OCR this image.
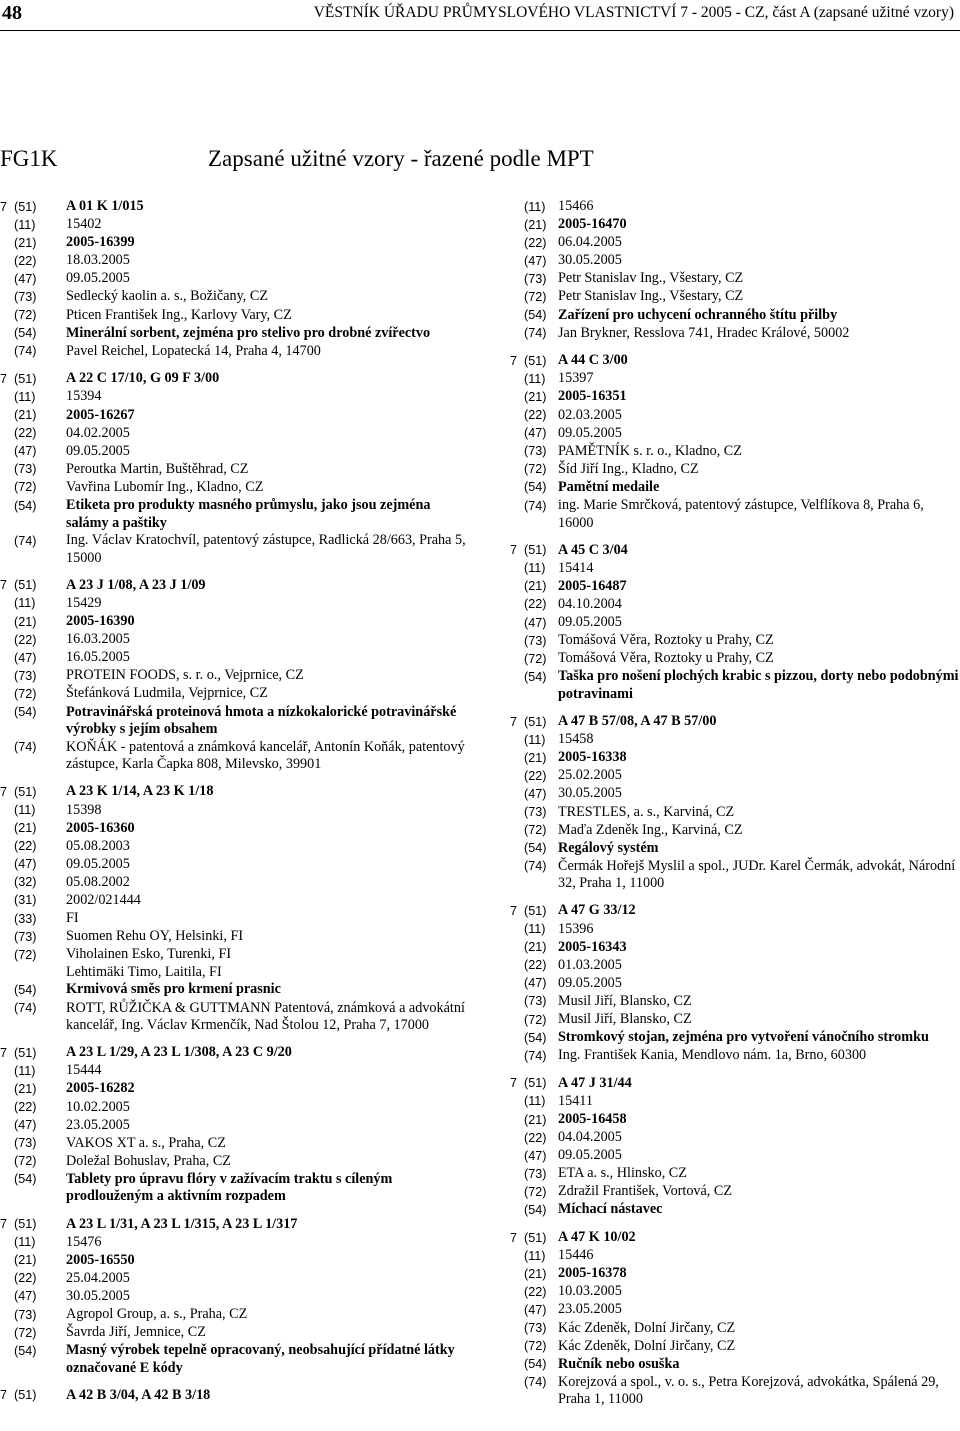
48	VĚSTNÍK ÚŘADU PRŮMYSLOVÉHO VLASTNICTVÍ 7 - 2005 - CZ, část A (zapsané užitné vzory)
FG1K	Zapsané užitné vzory - řazené podle MPT
7 (51)	A 01 K 1/015
(11)	15402
(21)	2005-16399
(22)	18.03.2005
(47)	09.05.2005
(73)	Sedlecký kaolin a. s., Božičany, CZ
(72)	Pticen František Ing., Karlovy Vary, CZ
(54)	Minerální sorbent, zejména pro stelivo pro drobné zvířectvo
(74)	Pavel Reichel, Lopatecká 14, Praha 4, 14700
7 (51)	A 22 C 17/10, G 09 F 3/00
(11)	15394
(21)	2005-16267
(22)	04.02.2005
(47)	09.05.2005
(73)	Peroutka Martin, Buštěhrad, CZ
(72)	Vavřina Lubomír Ing., Kladno, CZ
(54)	Etiketa pro produkty masného průmyslu, jako jsou zejména salámy a paštiky
(74)	Ing. Václav Kratochvíl, patentový zástupce, Radlická 28/663, Praha 5, 15000
7 (51)	A 23 J 1/08, A 23 J 1/09
(11)	15429
(21)	2005-16390
(22)	16.03.2005
(47)	16.05.2005
(73)	PROTEIN FOODS, s. r. o., Vejprnice, CZ
(72)	Štefánková Ludmila, Vejprnice, CZ
(54)	Potravinářská proteinová hmota a nízkokalorické potravinářské výrobky s jejím obsahem
(74)	KOŇÁK - patentová a známková kancelář, Antonín Koňák, patentový zástupce, Karla Čapka 808, Milevsko, 39901
7 (51)	A 23 K 1/14, A 23 K 1/18
(11)	15398
(21)	2005-16360
(22)	05.08.2003
(47)	09.05.2005
(32)	05.08.2002
(31)	2002/021444
(33)	FI
(73)	Suomen Rehu OY, Helsinki, FI
(72)	Viholainen Esko, Turenki, FI
Lehtimäki Timo, Laitila, FI
(54)	Krmivová směs pro krmení prasnic
(74)	ROTT, RŮŽIČKA & GUTTMANN Patentová, známková a advokátní kancelář, Ing. Václav Krmenčík, Nad Štolou 12, Praha 7, 17000
7 (51)	A 23 L 1/29, A 23 L 1/308, A 23 C 9/20
(11)	15444
(21)	2005-16282
(22)	10.02.2005
(47)	23.05.2005
(73)	VAKOS XT a. s., Praha, CZ
(72)	Doležal Bohuslav, Praha, CZ
(54)	Tablety pro úpravu flóry v zažívacím traktu s cíleným prodlouženým a aktivním rozpadem
7 (51)	A 23 L 1/31, A 23 L 1/315, A 23 L 1/317
(11)	15476
(21)	2005-16550
(22)	25.04.2005
(47)	30.05.2005
(73)	Agropol Group, a. s., Praha, CZ
(72)	Šavrda Jiří, Jemnice, CZ
(54)	Masný výrobek tepelně opracovaný, neobsahující přídatné látky označované E kódy
7 (51)	A 42 B 3/04, A 42 B 3/18
(11) 15466
(21) 2005-16470
(22) 06.04.2005
(47) 30.05.2005
(73) Petr Stanislav Ing., Všestary, CZ
(72) Petr Stanislav Ing., Všestary, CZ
(54) Zařízení pro uchycení ochranného štítu přilby
(74) Jan Brykner, Resslova 741, Hradec Králové, 50002
7 (51) A 44 C 3/00
(11) 15397
(21) 2005-16351
(22) 02.03.2005
(47) 09.05.2005
(73) PAMĚTNÍK s. r. o., Kladno, CZ
(72) Šíd Jiří Ing., Kladno, CZ
(54) Pamětní medaile
(74) ing. Marie Smrčková, patentový zástupce, Velflíkova 8, Praha 6, 16000
7 (51) A 45 C 3/04
(11) 15414
(21) 2005-16487
(22) 04.10.2004
(47) 09.05.2005
(73) Tomášová Věra, Roztoky u Prahy, CZ
(72) Tomášová Věra, Roztoky u Prahy, CZ
(54) Taška pro nošení plochých krabic s pizzou, dorty nebo podobnými potravinami
7 (51) A 47 B 57/08, A 47 B 57/00
(11) 15458
(21) 2005-16338
(22) 25.02.2005
(47) 30.05.2005
(73) TRESTLES, a. s., Karviná, CZ
(72) Maďa Zdeněk Ing., Karviná, CZ
(54) Regálový systém
(74) Čermák Hořejš Myslil a spol., JUDr. Karel Čermák, advokát, Národní 32, Praha 1, 11000
7 (51) A 47 G 33/12
(11) 15396
(21) 2005-16343
(22) 01.03.2005
(47) 09.05.2005
(73) Musil Jiří, Blansko, CZ
(72) Musil Jiří, Blansko, CZ
(54) Stromkový stojan, zejména pro vytvoření vánočního stromku
(74) Ing. František Kania, Mendlovo nám. 1a, Brno, 60300
7 (51) A 47 J 31/44
(11) 15411
(21) 2005-16458
(22) 04.04.2005
(47) 09.05.2005
(73) ETA a. s., Hlinsko, CZ
(72) Zdražil František, Vortová, CZ
(54) Míchací nástavec
7 (51) A 47 K 10/02
(11) 15446
(21) 2005-16378
(22) 10.03.2005
(47) 23.05.2005
(73) Kác Zdeněk, Dolní Jirčany, CZ
(72) Kác Zdeněk, Dolní Jirčany, CZ
(54) Ručník nebo osuška
(74) Korejzová a spol., v. o. s., Petra Korejzová, advokátka, Spálená 29, Praha 1, 11000
